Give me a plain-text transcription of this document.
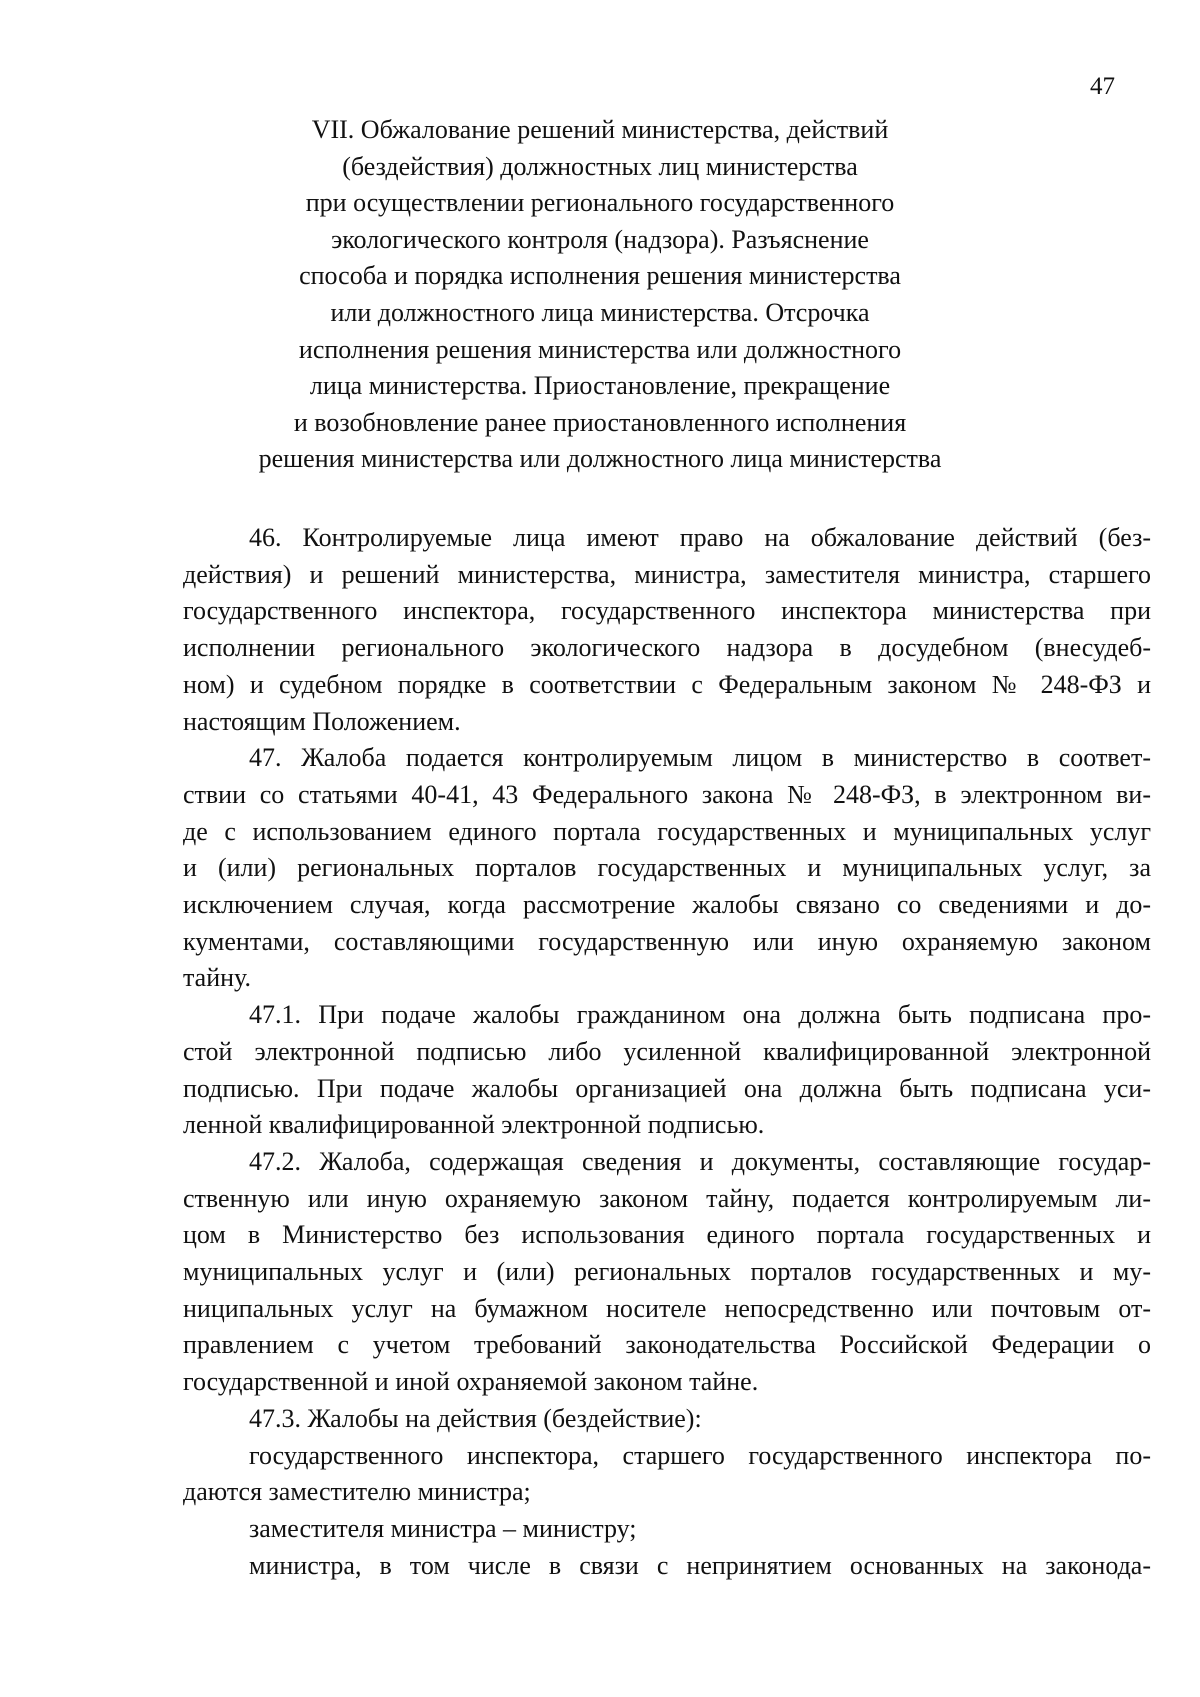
47
VII. Обжалование решений министерства, действий
(бездействия) должностных лиц министерства
при осуществлении регионального государственного
экологического контроля (надзора). Разъяснение
способа и порядка исполнения решения министерства
или должностного лица министерства. Отсрочка
исполнения решения министерства или должностного
лица министерства. Приостановление, прекращение
и возобновление ранее приостановленного исполнения
решения министерства или должностного лица министерства

46. Контролируемые лица имеют право на обжалование действий (без-
действия) и решений министерства, министра, заместителя министра, старшего
государственного инспектора, государственного инспектора министерства при
исполнении регионального экологического надзора в досудебном (внесудеб-
ном) и судебном порядке в соответствии с Федеральным законом № 248-ФЗ и
настоящим Положением.

47. Жалоба подается контролируемым лицом в министерство в соответ-
ствии со статьями 40-41, 43 Федерального закона № 248-ФЗ, в электронном ви-
де с использованием единого портала государственных и муниципальных услуг
и (или) региональных порталов государственных и муниципальных услуг, за
исключением случая, когда рассмотрение жалобы связано со сведениями и до-
кументами, составляющими государственную или иную охраняемую законом
тайну.

47.1. При подаче жалобы гражданином она должна быть подписана про-
стой электронной подписью либо усиленной квалифицированной электронной
подписью. При подаче жалобы организацией она должна быть подписана уси-
ленной квалифицированной электронной подписью.

47.2. Жалоба, содержащая сведения и документы, составляющие государ-
ственную или иную охраняемую законом тайну, подается контролируемым ли-
цом в Министерство без использования единого портала государственных и
муниципальных услуг и (или) региональных порталов государственных и му-
ниципальных услуг на бумажном носителе непосредственно или почтовым от-
правлением с учетом требований законодательства Российской Федерации о
государственной и иной охраняемой законом тайне.

47.3. Жалобы на действия (бездействие):

государственного инспектора, старшего государственного инспектора по-
даются заместителю министра;

заместителя министра – министру;

министра, в том числе в связи с непринятием основанных на законода-
